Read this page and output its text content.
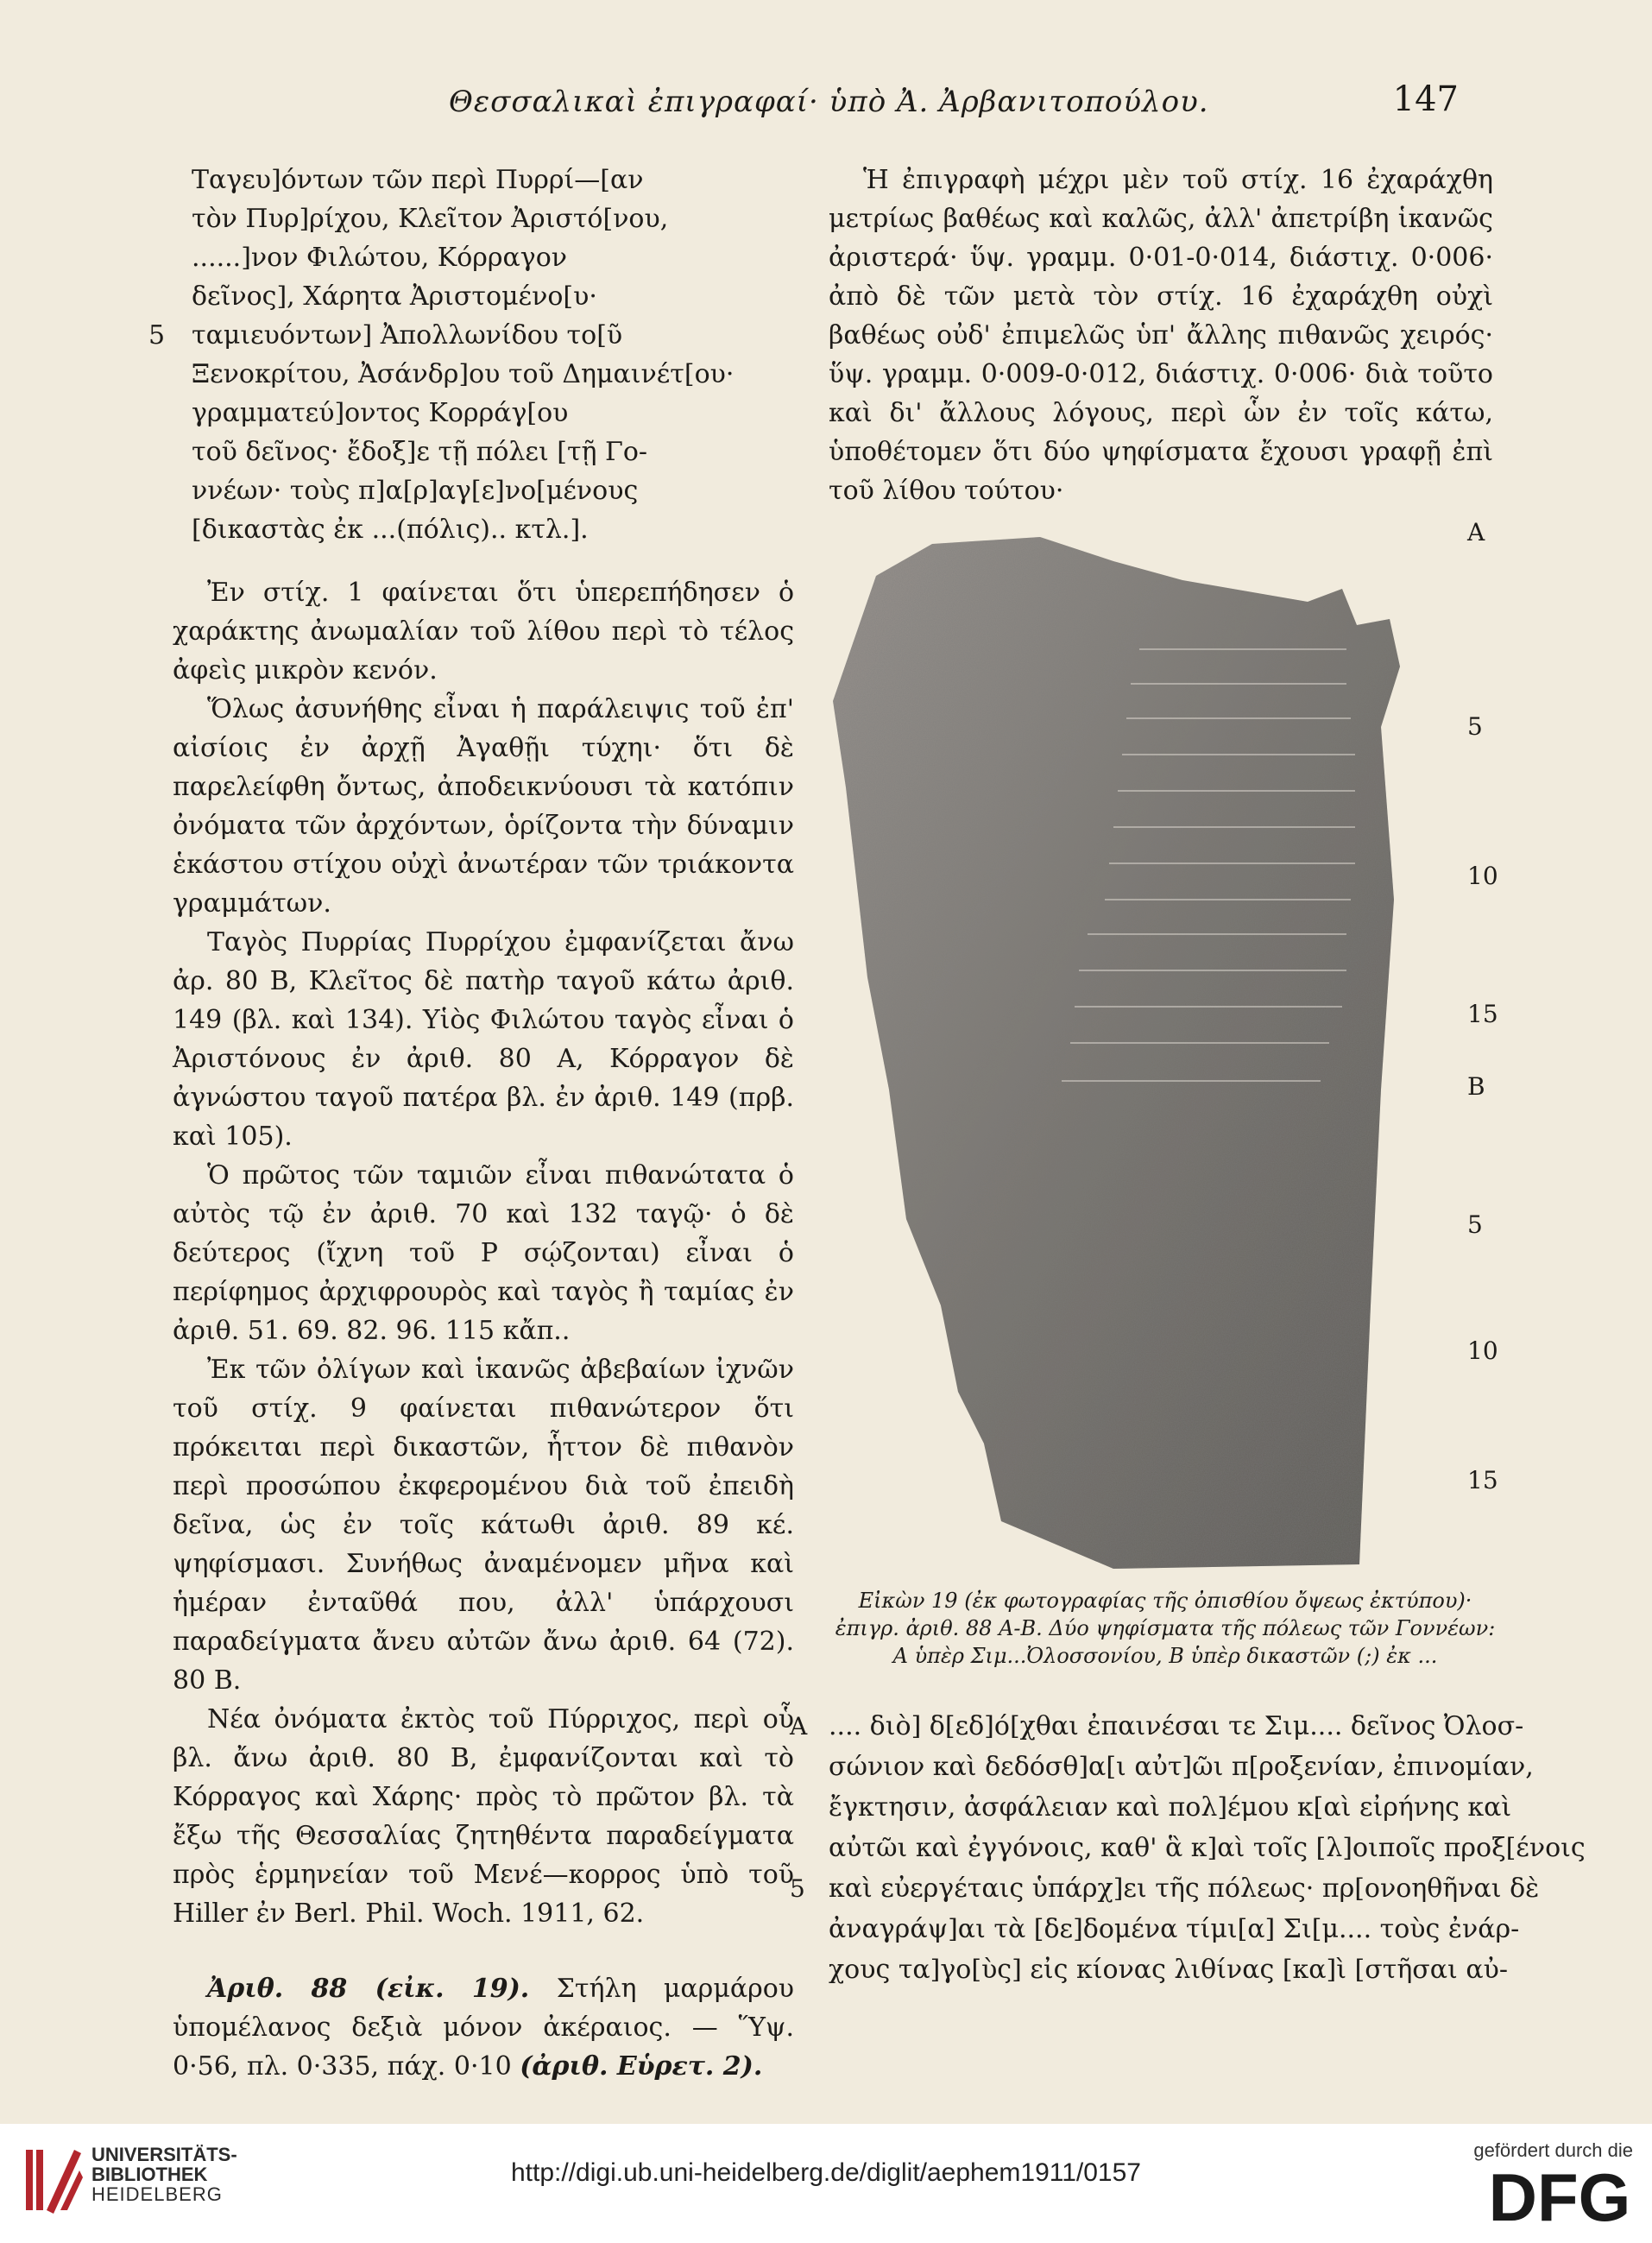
Θεσσαλικαὶ ἐπιγραφαί· ὑπὸ Ἀ. Ἀρβανιτοπούλου.	147
Ταγευ]όντων τῶν περὶ Πυρρί—[αν
τὸν Πυρ]ρίχου, Κλεῖτον Ἀριστό[νου,
......]νον Φιλώτου, Κόρραγον
δεῖνος], Χάρητα Ἀριστομένο[υ·
5 ταμιευόντων] Ἀπολλωνίδου το[ῦ
Ξενοκρίτου, Ἀσάνδρ]ου τοῦ Δημαινέτ[ου·
γραμματεύ]οντος Κορράγ[ου
τοῦ δεῖνος· ἔδοξ]ε τῇ πόλει [τῇ Γο-
ννέων· τοὺς π]α[ρ]αγ[ε]νο[μένους
[δικαστὰς ἐκ ...(πόλις).. κτλ.].

Ἐν στίχ. 1 φαίνεται ὅτι ὑπερεπήδησεν ὁ χαράκτης ἀνωμαλίαν τοῦ λίθου περὶ τὸ τέλος ἀφεὶς μικρὸν κενόν.

Ὅλως ἀσυνήθης εἶναι ἡ παράλειψις τοῦ ἐπ' αἰσίοις ἐν ἀρχῇ Ἀγαθῇι τύχηι· ὅτι δὲ παρελείφθη ὄντως, ἀποδεικνύουσι τὰ κατόπιν ὀνόματα τῶν ἀρχόντων, ὁρίζοντα τὴν δύναμιν ἑκάστου στίχου οὐχὶ ἀνωτέραν τῶν τριάκοντα γραμμάτων.

Ταγὸς Πυρρίας Πυρρίχου ἐμφανίζεται ἄνω ἀρ. 80 Β, Κλεῖτος δὲ πατὴρ ταγοῦ κάτω ἀριθ. 149 (βλ. καὶ 134). Υἱὸς Φιλώτου ταγὸς εἶναι ὁ Ἀριστόνους ἐν ἀριθ. 80 Α, Κόρραγον δὲ ἀγνώστου ταγοῦ πατέρα βλ. ἐν ἀριθ. 149 (πρβ. καὶ 105).

Ὁ πρῶτος τῶν ταμιῶν εἶναι πιθανώτατα ὁ αὐτὸς τῷ ἐν ἀριθ. 70 καὶ 132 ταγῷ· ὁ δὲ δεύτερος (ἴχνη τοῦ Ρ σῴζονται) εἶναι ὁ περίφημος ἀρχιφρουρὸς καὶ ταγὸς ἢ ταμίας ἐν ἀριθ. 51. 69. 82. 96. 115 κἄπ..

Ἐκ τῶν ὀλίγων καὶ ἱκανῶς ἀβεβαίων ἰχνῶν τοῦ στίχ. 9 φαίνεται πιθανώτερον ὅτι πρόκειται περὶ δικαστῶν, ἧττον δὲ πιθανὸν περὶ προσώπου ἐκφερομένου διὰ τοῦ ἐπειδὴ δεῖνα, ὡς ἐν τοῖς κάτωθι ἀριθ. 89 κέ. ψηφίσμασι. Συνήθως ἀναμένομεν μῆνα καὶ ἡμέραν ἐνταῦθά που, ἀλλ' ὑπάρχουσι παραδείγματα ἄνευ αὐτῶν ἄνω ἀριθ. 64 (72). 80 Β.

Νέα ὀνόματα ἐκτὸς τοῦ Πύρριχος, περὶ οὗ βλ. ἄνω ἀριθ. 80 Β, ἐμφανίζονται καὶ τὸ Κόρραγος καὶ Χάρης· πρὸς τὸ πρῶτον βλ. τὰ ἔξω τῆς Θεσσαλίας ζητηθέντα παραδείγματα πρὸς ἑρμηνείαν τοῦ Μενέ—κορρος ὑπὸ τοῦ Hiller ἐν Berl. Phil. Woch. 1911, 62.

Ἀριθ. 88 (εἰκ. 19). Στήλη μαρμάρου ὑπομέλανος δεξιὰ μόνον ἀκέραιος. — Ὕψ. 0·56, πλ. 0·335, πάχ. 0·10 (ἀριθ. Εὑρετ. 2).

Ἡ ἐπιγραφὴ μέχρι μὲν τοῦ στίχ. 16 ἐχαράχθη μετρίως βαθέως καὶ καλῶς, ἀλλ' ἀπετρίβη ἱκανῶς ἀριστερά· ὕψ. γραμμ. 0·01-0·014, διάστιχ. 0·006· ἀπὸ δὲ τῶν μετὰ τὸν στίχ. 16 ἐχαράχθη οὐχὶ βαθέως οὐδ' ἐπιμελῶς ὑπ' ἄλλης πιθανῶς χειρός· ὕψ. γραμμ. 0·009-0·012, διάστιχ. 0·006· διὰ τοῦτο καὶ δι' ἄλλους λόγους, περὶ ὧν ἐν τοῖς κάτω, ὑποθέτομεν ὅτι δύο ψηφίσματα ἔχουσι γραφῇ ἐπὶ τοῦ λίθου τούτου·

A
5
10
15
B
5
10
15
Εἰκὼν 19 (ἐκ φωτογραφίας τῆς ὀπισθίου ὄψεως ἐκτύπου)·
ἐπιγρ. ἀριθ. 88 Α-Β. Δύο ψηφίσματα τῆς πόλεως τῶν Γοννέων:
Α ὑπὲρ Σιμ...Ὀλοσσονίου, Β ὑπὲρ δικαστῶν (;) ἐκ ...
A .... διὸ] δ[εδ]ό[χθαι ἐπαινέσαι τε Σιμ.... δεῖνος Ὀλοσ-
σώνιον καὶ δεδόσθ]α[ι αὐτ]ῶι π[ροξενίαν, ἐπινομίαν,
ἔγκτησιν, ἀσφάλειαν καὶ πολ]έμου κ[αὶ εἰρήνης καὶ
αὐτῶι καὶ ἐγγόνοις, καθ' ἃ κ]αὶ τοῖς [λ]οιποῖς προξ[ένοις
5 καὶ εὐεργέταις ὑπάρχ]ει τῆς πόλεως· πρ[ονοηθῆναι δὲ
ἀναγράψ]αι τὰ [δε]δομένα τίμι[α] Σι[μ.... τοὺς ἐνάρ-
χους τα]γο[ὺς] εἰς κίονας λιθίνας [κα]ὶ [στῆσαι αὐ-
UNIVERSITÄTS-
BIBLIOTHEK
HEIDELBERG
http://digi.ub.uni-heidelberg.de/diglit/aephem1911/0157
gefördert durch die
DFG
